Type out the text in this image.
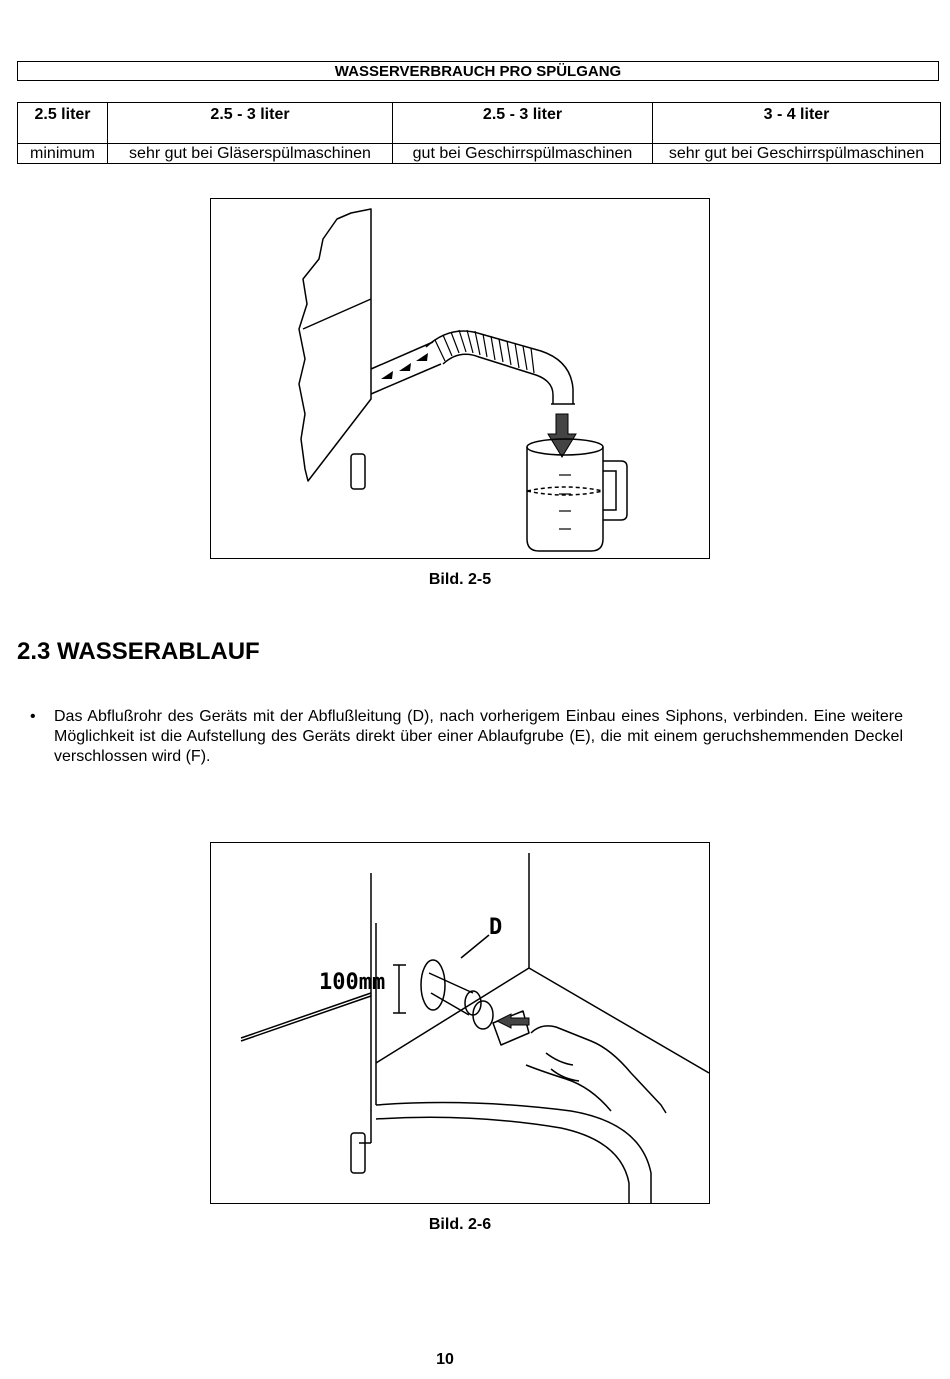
WASSERVERBRAUCH PRO SPÜLGANG
2.5 liter	2.5 - 3 liter	2.5 - 3 liter	3 - 4 liter
minimum	sehr gut bei Gläserspülmaschinen	gut bei Geschirrspülmaschinen	sehr gut bei Geschirrspülmaschinen
Bild. 2-5
2.3 WASSERABLAUF
• Das Abflußrohr des Geräts mit der Abflußleitung (D), nach vorherigem Einbau eines Siphons, verbinden. Eine weitere Möglichkeit ist die Aufstellung des Geräts direkt über einer Ablaufgrube (E), die mit einem geruchshemmenden Deckel verschlossen wird (F).
D
100mm
Bild. 2-6
10
